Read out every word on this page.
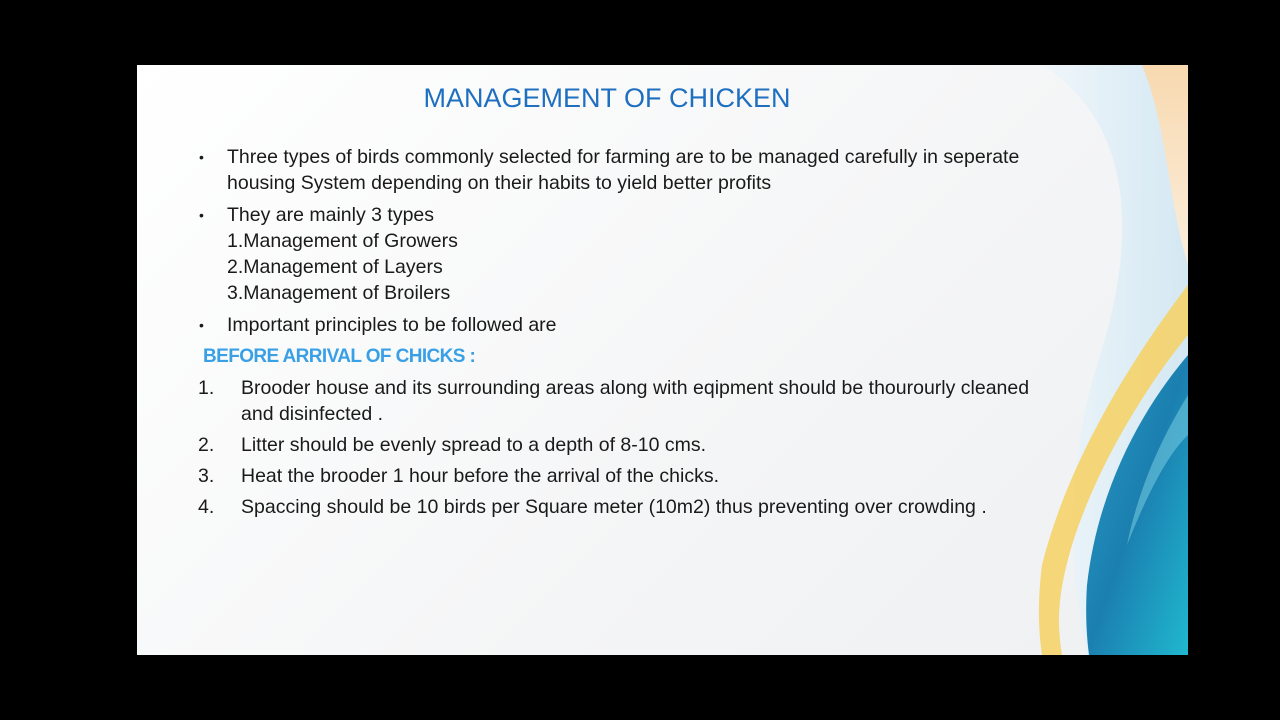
MANAGEMENT OF CHICKEN
• Three types of birds commonly selected for farming are to be managed carefully in seperate
housing System depending on their habits to yield better profits
• They are mainly 3 types
1.Management of Growers
2.Management of Layers
3.Management of Broilers
• Important principles to be followed are
BEFORE ARRIVAL OF CHICKS :
1. Brooder house and its surrounding areas along with eqipment should be thourourly cleaned
and disinfected .
2. Litter should be evenly spread to a depth of 8-10 cms.
3. Heat the brooder 1 hour before the arrival of the chicks.
4. Spaccing should be 10 birds per Square meter (10m2) thus preventing over crowding .
